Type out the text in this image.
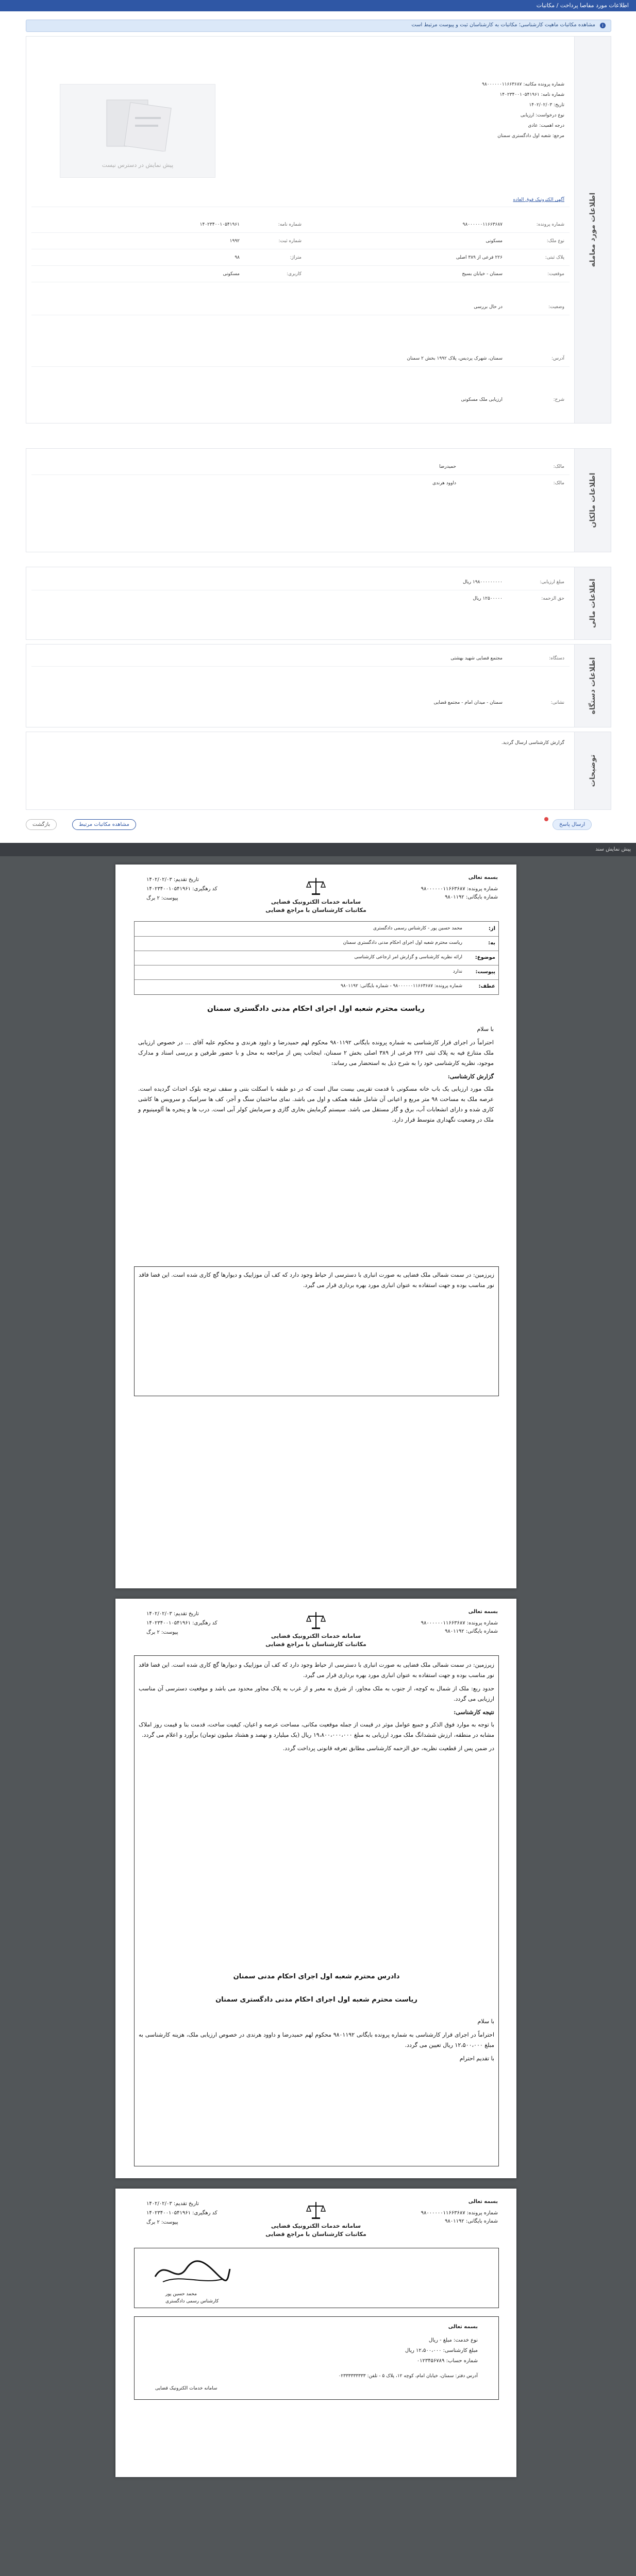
اطلاعات مورد مفاصا پرداخت / مکاتبات
i
مشاهده مکاتبات ماهیت کارشناسی؛ مکاتبات به کارشناسان ثبت و پیوست مرتبط است
اطلاعات مورد معامله
پیش نمایش در دسترس نیست
شماره پرونده مکاتبه: ۹۸۰۰۰۰۰۰۱۱۶۶۳۶۸۷
شماره نامه: ۱۴۰۲۳۴۰۰۱۰۵۴۱۹۶۱
تاریخ: ۱۴۰۲/۰۲/۰۳
نوع درخواست: ارزیابی
درجه اهمیت: عادی
مرجع: شعبه اول دادگستری سمنان
آگهی الکترونیک فوق العاده
شماره پرونده:
۹۸۰۰۰۰۰۰۱۱۶۶۳۶۸۷
شماره نامه:
۱۴۰۲۳۴۰۰۱۰۵۴۱۹۶۱
نوع ملک:
مسکونی
شماره ثبت:
۱۹۹۲
پلاک ثبتی:
۲۲۶ فرعی از ۳۸۹ اصلی
متراژ:
۹۸
موقعیت:
سمنان - خیابان بسیج
کاربری:
مسکونی
وضعیت:
در حال بررسی
آدرس:
سمنان، شهرک پردیس، پلاک ۱۹۹۲ بخش ۲ سمنان
شرح:
ارزیابی ملک مسکونی
اطلاعات مالکان
مالک:
حمیدرضا
مالک:
داوود هرندی
اطلاعات مالی
مبلغ ارزیابی:
۱۹۸۰۰۰۰۰۰۰۰۰ ریال
حق الزحمه:
۱۲۵۰۰۰۰۰ ریال
اطلاعات دستگاه
دستگاه:
مجتمع قضایی شهید بهشتی
نشانی:
سمنان - میدان امام - مجتمع قضایی
توضیحات
گزارش کارشناسی ارسال گردید.
ارسال پاسخ
مشاهده مکاتبات مرتبط
بازگشت
پیش نمایش سند
بسمه تعالی
شماره پرونده: ۹۸۰۰۰۰۰۰۱۱۶۶۳۶۸۷
شماره بایگانی: ۹۸۰۱۱۹۲
سامانه خدمات الکترونیک قضایی
مکاتبات کارشناسان با مراجع قضایی
تاریخ تقدیم: ۱۴۰۲/۰۲/۰۳
کد رهگیری: ۱۴۰۲۳۴۰۰۱۰۵۴۱۹۶۱
پیوست: ۲ برگ
از:
محمد حسین پور - کارشناس رسمی دادگستری
به:
ریاست محترم شعبه اول اجرای احکام مدنی دادگستری سمنان
موضوع:
ارائه نظریه کارشناسی و گزارش امر ارجاعی کارشناسی
پیوست:
ندارد
عطف:
شماره پرونده: ۹۸۰۰۰۰۰۰۱۱۶۶۳۶۸۷ - شماره بایگانی: ۹۸۰۱۱۹۲
ریاست محترم شعبه اول اجرای احکام مدنی دادگستری سمنان

با سلام

احتراماً در اجرای قرار کارشناسی به شماره پرونده بایگانی ۹۸۰۱۱۹۲ محکوم لهم حمیدرضا و داوود هرندی و محکوم علیه آقای ... در خصوص ارزیابی ملک متنازع فیه به پلاک ثبتی ۲۲۶ فرعی از ۳۸۹ اصلی بخش ۲ سمنان، اینجانب پس از مراجعه به محل و با حضور طرفین و بررسی اسناد و مدارک موجود، نظریه کارشناسی خود را به شرح ذیل به استحضار می رساند:

گزارش کارشناسی:

ملک مورد ارزیابی یک باب خانه مسکونی با قدمت تقریبی بیست سال است که در دو طبقه با اسکلت بتنی و سقف تیرچه بلوک احداث گردیده است. عرصه ملک به مساحت ۹۸ متر مربع و اعیانی آن شامل طبقه همکف و اول می باشد. نمای ساختمان سنگ و آجر، کف ها سرامیک و سرویس ها کاشی کاری شده و دارای انشعابات آب، برق و گاز مستقل می باشد. سیستم گرمایش بخاری گازی و سرمایش کولر آبی است. درب ها و پنجره ها آلومینیوم و ملک در وضعیت نگهداری متوسط قرار دارد.

زیرزمین: در سمت شمالی ملک فضایی به صورت انباری با دسترسی از حیاط وجود دارد که کف آن موزاییک و دیوارها گچ کاری شده است. این فضا فاقد نور مناسب بوده و جهت استفاده به عنوان انباری مورد بهره برداری قرار می گیرد.
بسمه تعالی
شماره پرونده: ۹۸۰۰۰۰۰۰۱۱۶۶۳۶۸۷
شماره بایگانی: ۹۸۰۱۱۹۲
سامانه خدمات الکترونیک قضایی
مکاتبات کارشناسان با مراجع قضایی
تاریخ تقدیم: ۱۴۰۲/۰۲/۰۳
کد رهگیری: ۱۴۰۲۳۴۰۰۱۰۵۴۱۹۶۱
پیوست: ۲ برگ

زیرزمین: در سمت شمالی ملک فضایی به صورت انباری با دسترسی از حیاط وجود دارد که کف آن موزاییک و دیوارها گچ کاری شده است. این فضا فاقد نور مناسب بوده و جهت استفاده به عنوان انباری مورد بهره برداری قرار می گیرد.

حدود ربع: ملک از شمال به کوچه، از جنوب به ملک مجاور، از شرق به معبر و از غرب به پلاک مجاور محدود می باشد و موقعیت دسترسی آن مناسب ارزیابی می گردد.

نتیجه کارشناسی:

با توجه به موارد فوق الذکر و جمیع عوامل موثر در قیمت از جمله موقعیت مکانی، مساحت عرصه و اعیان، کیفیت ساخت، قدمت بنا و قیمت روز املاک مشابه در منطقه، ارزش ششدانگ ملک مورد ارزیابی به مبلغ ۱۹،۸۰۰،۰۰۰،۰۰۰ ریال (یک میلیارد و نهصد و هشتاد میلیون تومان) برآورد و اعلام می گردد.

در ضمن پس از قطعیت نظریه، حق الزحمه کارشناسی مطابق تعرفه قانونی پرداخت گردد.

دادرس محترم شعبه اول اجرای احکام مدنی سمنان
ریاست محترم شعبه اول اجرای احکام مدنی دادگستری سمنان

با سلام

احتراماً در اجرای قرار کارشناسی به شماره پرونده بایگانی ۹۸۰۱۱۹۲ محکوم لهم حمیدرضا و داوود هرندی در خصوص ارزیابی ملک، هزینه کارشناسی به مبلغ ۱۲،۵۰۰،۰۰۰ ریال تعیین می گردد.

با تقدیم احترام

بسمه تعالی
شماره پرونده: ۹۸۰۰۰۰۰۰۱۱۶۶۳۶۸۷
شماره بایگانی: ۹۸۰۱۱۹۲
سامانه خدمات الکترونیک قضایی
مکاتبات کارشناسان با مراجع قضایی
تاریخ تقدیم: ۱۴۰۲/۰۲/۰۳
کد رهگیری: ۱۴۰۲۳۴۰۰۱۰۵۴۱۹۶۱
پیوست: ۲ برگ
محمد حسین پور
کارشناس رسمی دادگستری
بسمه تعالی
نوع خدمت: مبلغ - ریال
مبلغ کارشناسی: ۱۲،۵۰۰،۰۰۰ ریال
شماره حساب: ۰۱۲۳۴۵۶۷۸۹
آدرس دفتر: سمنان، خیابان امام، کوچه ۱۲، پلاک ۵ - تلفن: ۰۲۳۳۳۳۳۳۳۳۳
سامانه خدمات الکترونیک قضایی
